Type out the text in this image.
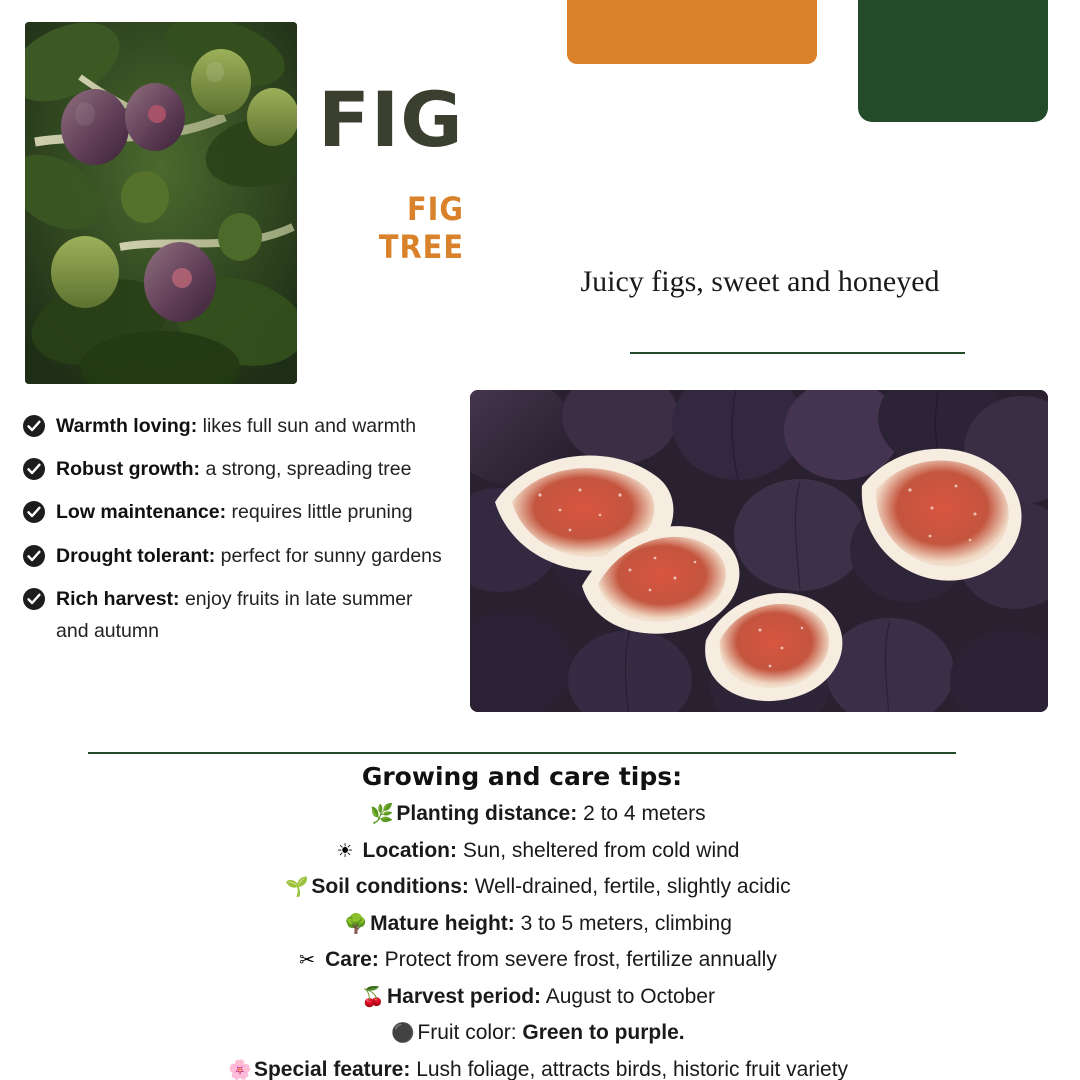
FIG
FIG TREE
Juicy figs, sweet and honeyed
Warmth loving: likes full sun and warmth
Robust growth: a strong, spreading tree
Low maintenance: requires little pruning
Drought tolerant: perfect for sunny gardens
Rich harvest: enjoy fruits in late summer and autumn
Growing and care tips:
🌿 Planting distance: 2 to 4 meters
☀ Location: Sun, sheltered from cold wind
🌱 Soil conditions: Well-drained, fertile, slightly acidic
🌳 Mature height: 3 to 5 meters, climbing
✂ Care: Protect from severe frost, fertilize annually
🍒 Harvest period: August to October
⚫ Fruit color: Green to purple.
🌸 Special feature: Lush foliage, attracts birds, historic fruit variety
